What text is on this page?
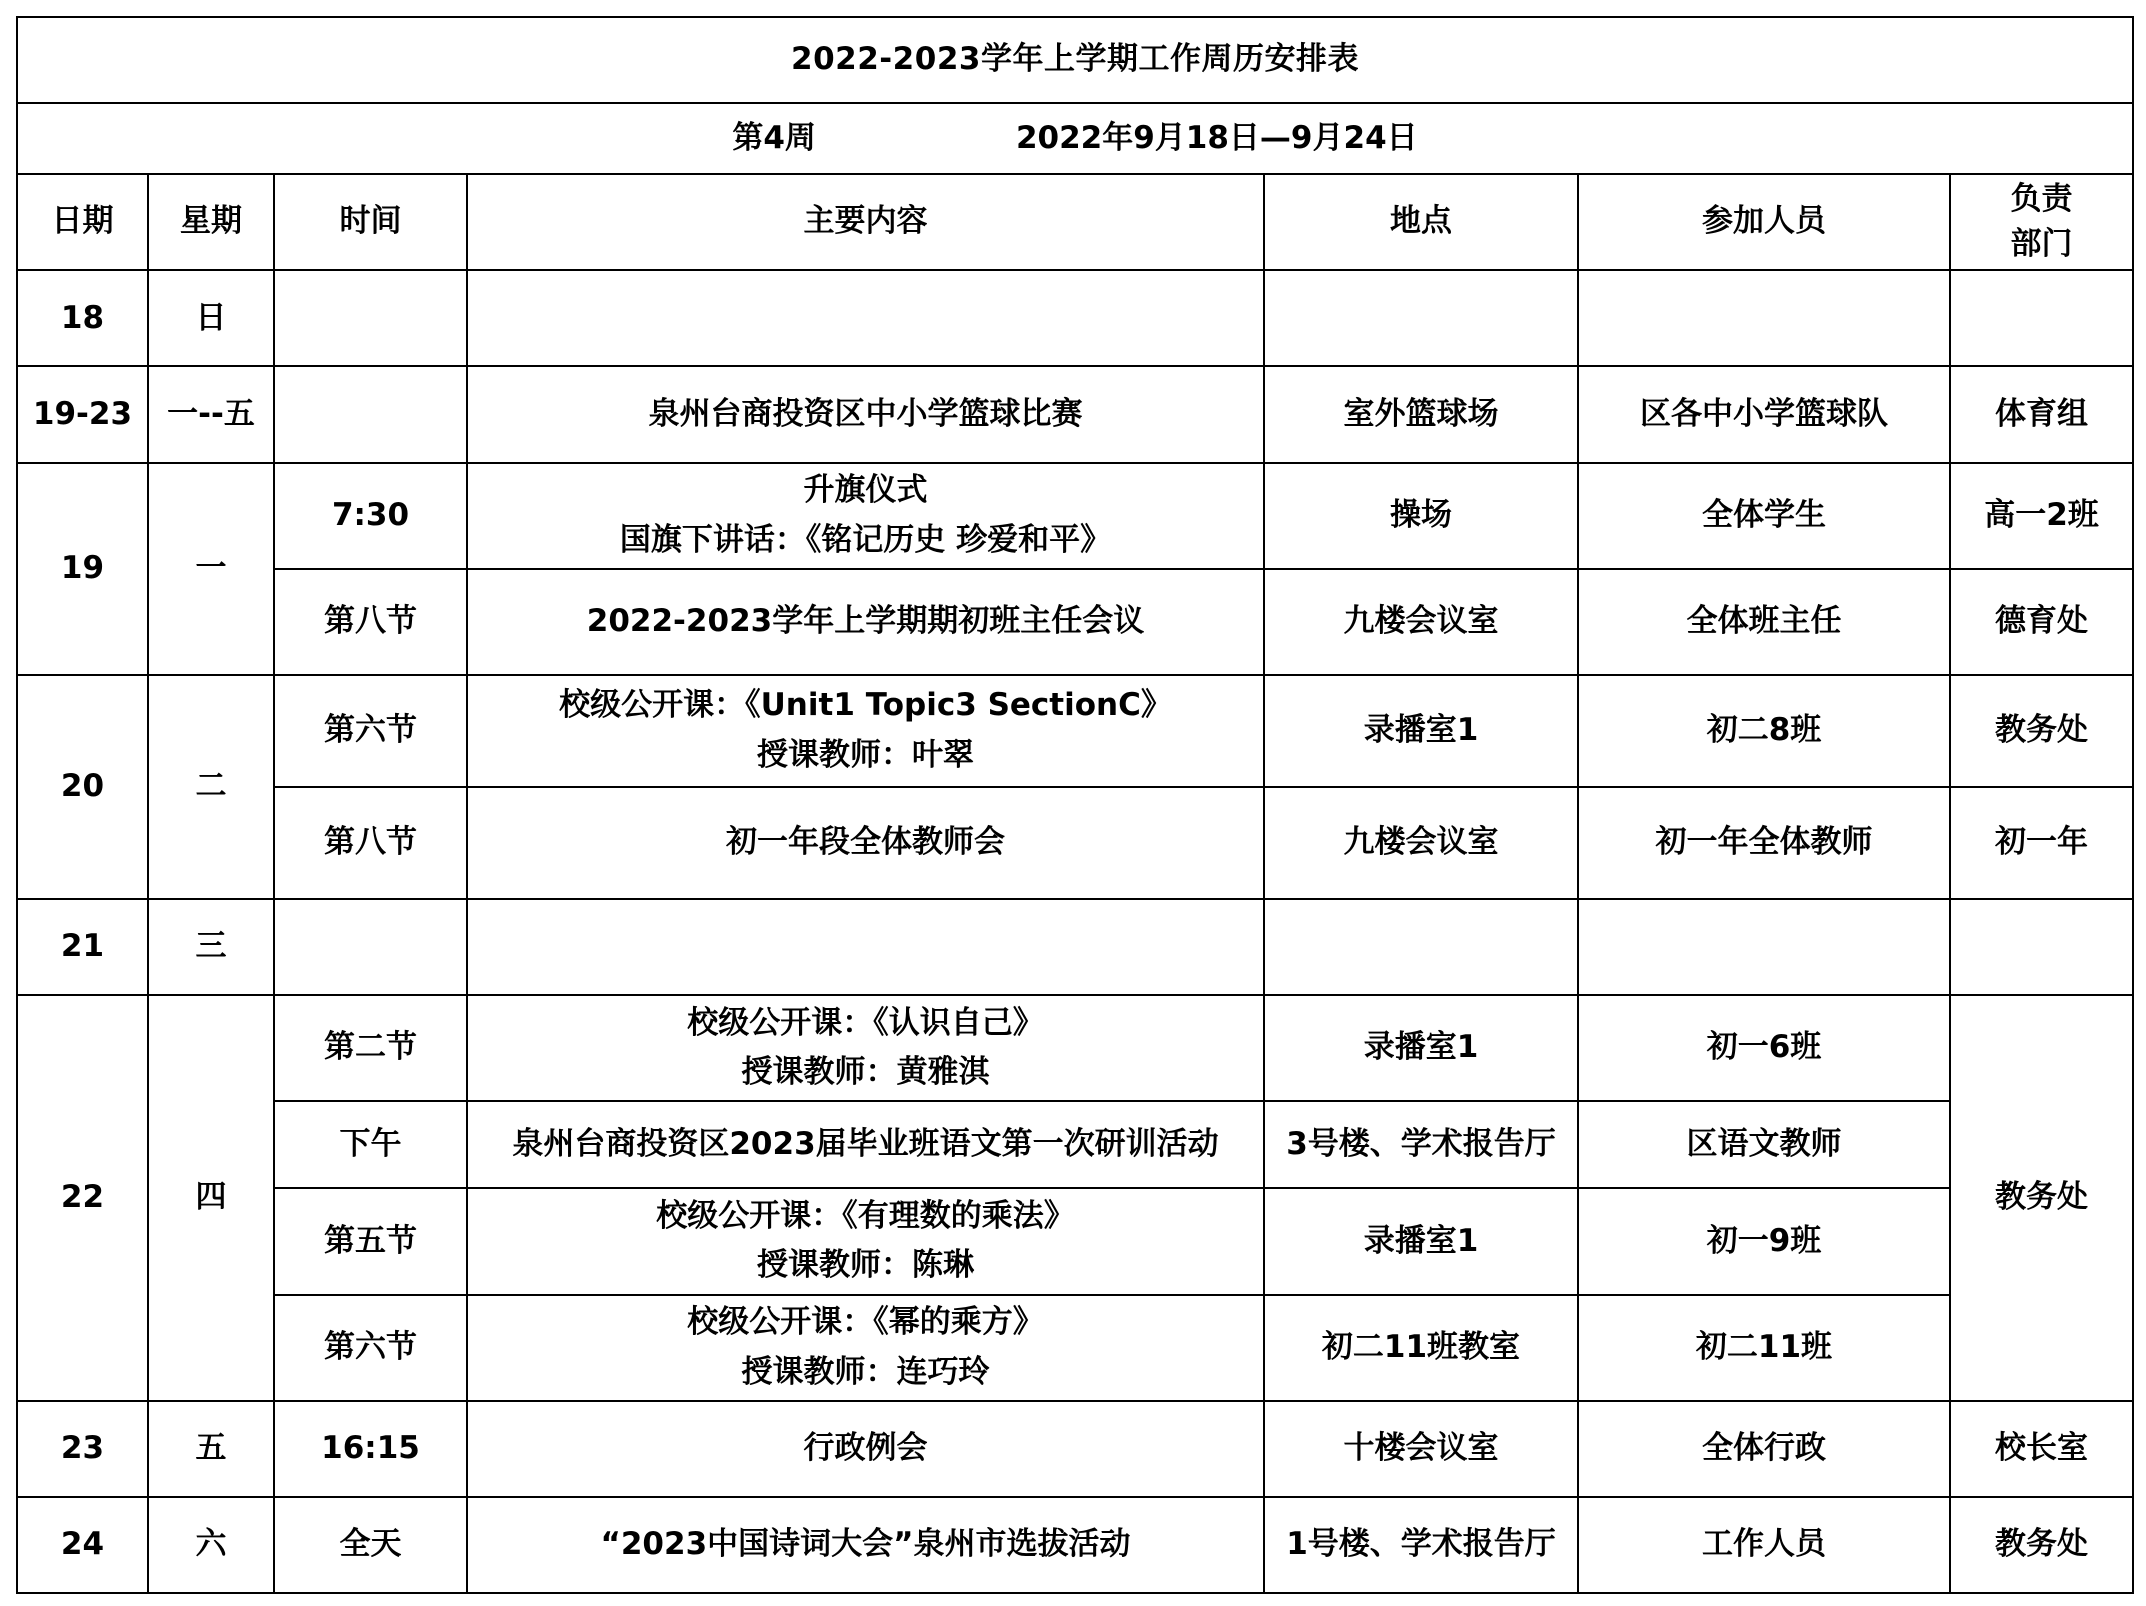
2022-2023学年上学期工作周历安排表						
第4周 2022年9月18日—9月24日						
日期	星期	时间	主要内容	地点	参加人员	负责
部门

18	日					
19-23	一--五		泉州台商投资区中小学篮球比赛	室外篮球场	区各中小学篮球队	体育组
19	一	7:30	升旗仪式
国旗下讲话：《铭记历史 珍爱和平》	操场	全体学生	高一2班
		第八节	2022-2023学年上学期期初班主任会议	九楼会议室	全体班主任	德育处
20	二	第六节	校级公开课：《Unit1 Topic3 SectionC》
授课教师：叶翠	录播室1	初二8班	教务处
		第八节	初一年段全体教师会	九楼会议室	初一年全体教师	初一年
21	三					
22	四	第二节	校级公开课：《认识自己》
授课教师：黄雅淇	录播室1	初一6班	教务处
		下午	泉州台商投资区2023届毕业班语文第一次研训活动	3号楼、学术报告厅	区语文教师	
		第五节	校级公开课：《有理数的乘法》
授课教师：陈琳	录播室1	初一9班	
		第六节	校级公开课：《幂的乘方》
授课教师：连巧玲	初二11班教室	初二11班	
23	五	16:15	行政例会	十楼会议室	全体行政	校长室
24	六	全天	“2023中国诗词大会”泉州市选拔活动	1号楼、学术报告厅	工作人员	教务处
